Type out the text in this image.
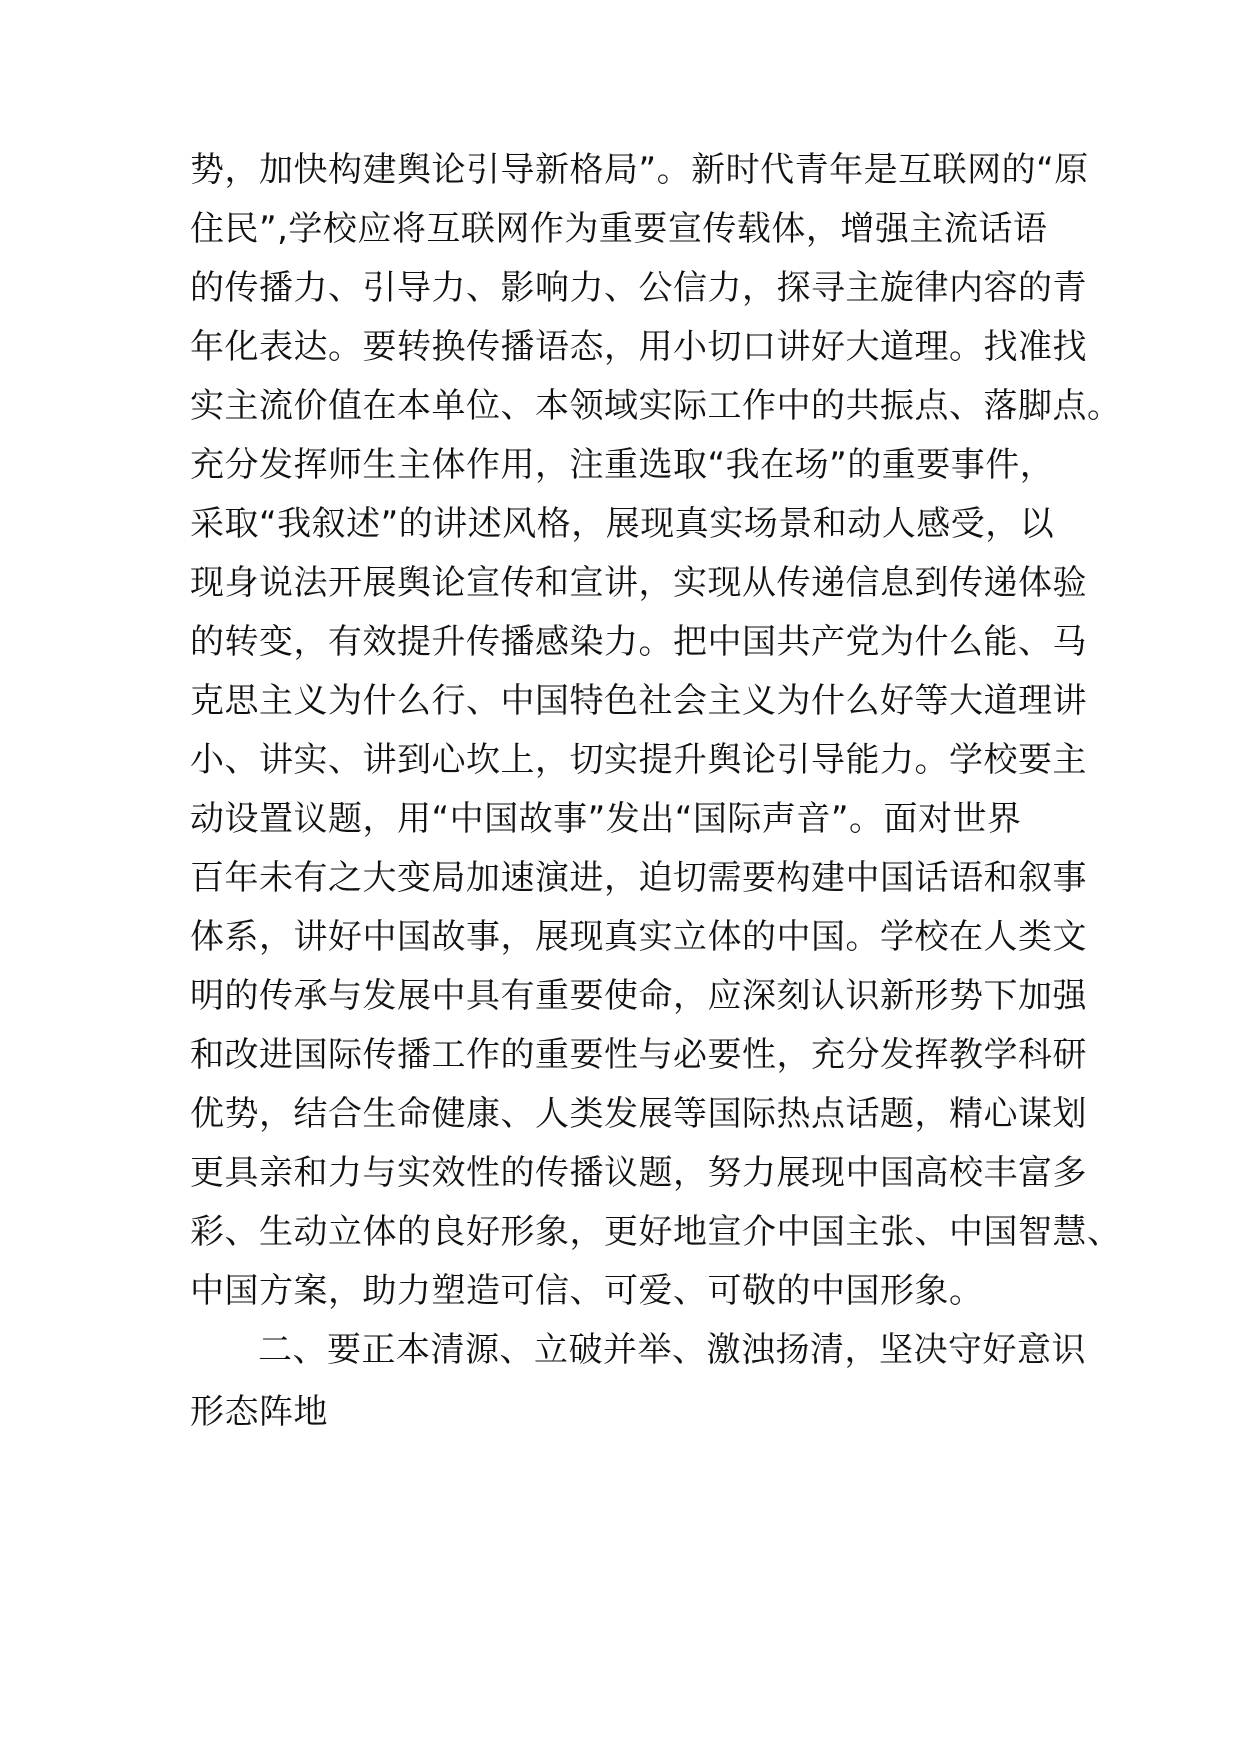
势，加快构建舆论引导新格局”。新时代青年是互联网的“原
住民”,学校应将互联网作为重要宣传载体，增强主流话语
的传播力、引导力、影响力、公信力，探寻主旋律内容的青
年化表达。要转换传播语态，用小切口讲好大道理。找准找
实主流价值在本单位、本领域实际工作中的共振点、落脚点。
充分发挥师生主体作用，注重选取“我在场”的重要事件，
采取“我叙述”的讲述风格，展现真实场景和动人感受，以
现身说法开展舆论宣传和宣讲，实现从传递信息到传递体验
的转变，有效提升传播感染力。把中国共产党为什么能、马
克思主义为什么行、中国特色社会主义为什么好等大道理讲
小、讲实、讲到心坎上，切实提升舆论引导能力。学校要主
动设置议题，用“中国故事”发出“国际声音”。面对世界
百年未有之大变局加速演进，迫切需要构建中国话语和叙事
体系，讲好中国故事，展现真实立体的中国。学校在人类文
明的传承与发展中具有重要使命，应深刻认识新形势下加强
和改进国际传播工作的重要性与必要性，充分发挥教学科研
优势，结合生命健康、人类发展等国际热点话题，精心谋划
更具亲和力与实效性的传播议题，努力展现中国高校丰富多
彩、生动立体的良好形象，更好地宣介中国主张、中国智慧、
中国方案，助力塑造可信、可爱、可敬的中国形象。
二、要正本清源、立破并举、激浊扬清，坚决守好意识
形态阵地
